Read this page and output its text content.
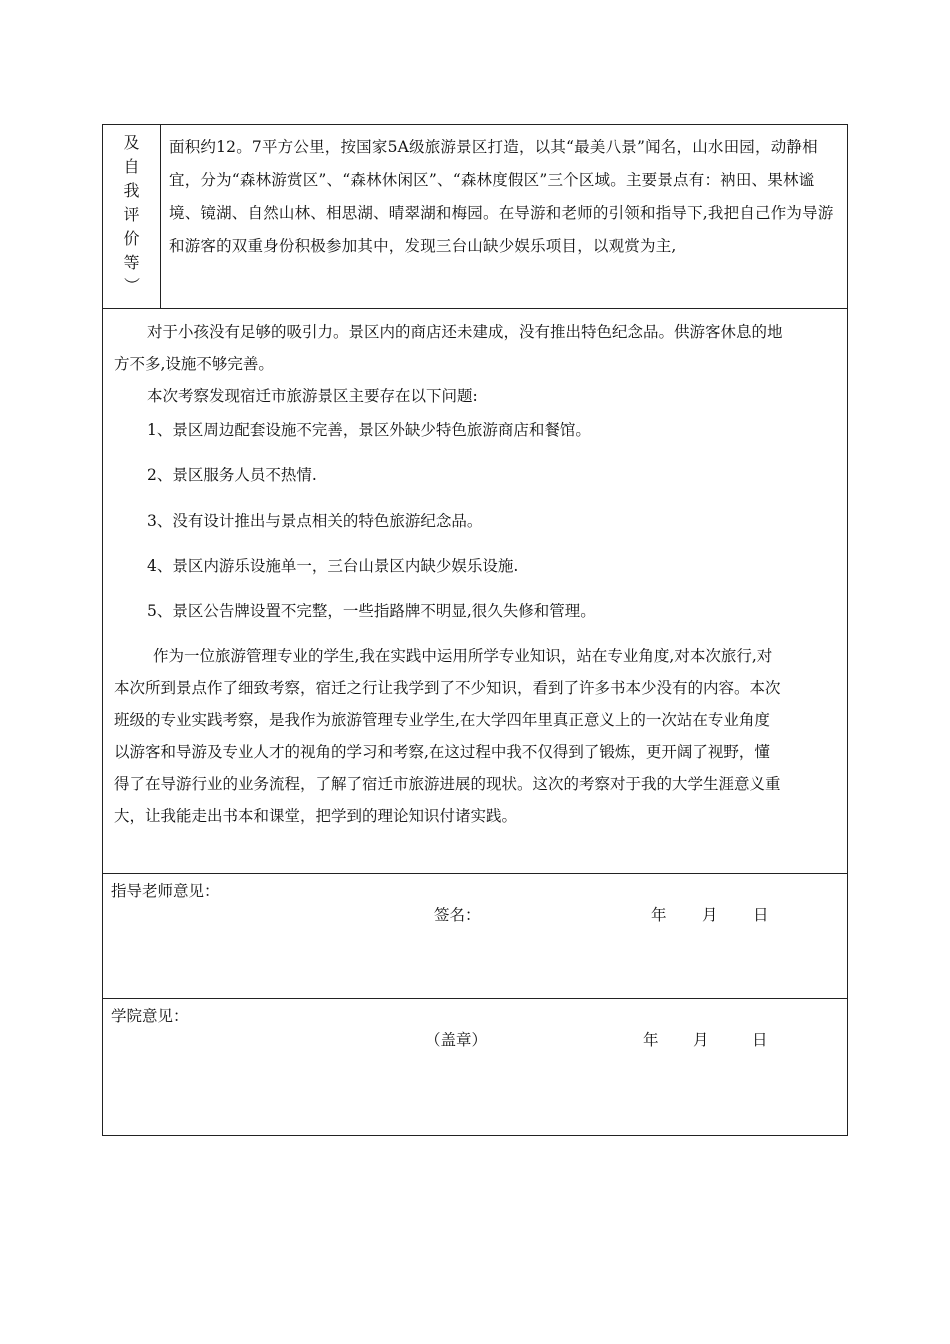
及
自
我
评
价
等
）

面积约12。7平方公里，按国家5A级旅游景区打造，以其“最美八景”闻名，山水田园，动静相宜，分为“森林游赏区”、“森林休闲区”、“森林度假区”三个区域。主要景点有：衲田、果林谧境、镜湖、自然山林、相思湖、晴翠湖和梅园。在导游和老师的引领和指导下,我把自己作为导游和游客的双重身份积极参加其中，发现三台山缺少娱乐项目，以观赏为主,

对于小孩没有足够的吸引力。景区内的商店还未建成，没有推出特色纪念品。供游客休息的地
方不多,设施不够完善。
本次考察发现宿迁市旅游景区主要存在以下问题:
1、景区周边配套设施不完善，景区外缺少特色旅游商店和餐馆。
2、景区服务人员不热情.
3、没有设计推出与景点相关的特色旅游纪念品。
4、景区内游乐设施单一，三台山景区内缺少娱乐设施.
5、景区公告牌设置不完整，一些指路牌不明显,很久失修和管理。
作为一位旅游管理专业的学生,我在实践中运用所学专业知识，站在专业角度,对本次旅行,对
本次所到景点作了细致考察，宿迁之行让我学到了不少知识，看到了许多书本少没有的内容。本次
班级的专业实践考察，是我作为旅游管理专业学生,在大学四年里真正意义上的一次站在专业角度
以游客和导游及专业人才的视角的学习和考察,在这过程中我不仅得到了锻炼，更开阔了视野，懂
得了在导游行业的业务流程，了解了宿迁市旅游进展的现状。这次的考察对于我的大学生涯意义重
大，让我能走出书本和课堂，把学到的理论知识付诸实践。
指导老师意见：
签名：	年 月 日
学院意见：
（盖章）	年 月	日
